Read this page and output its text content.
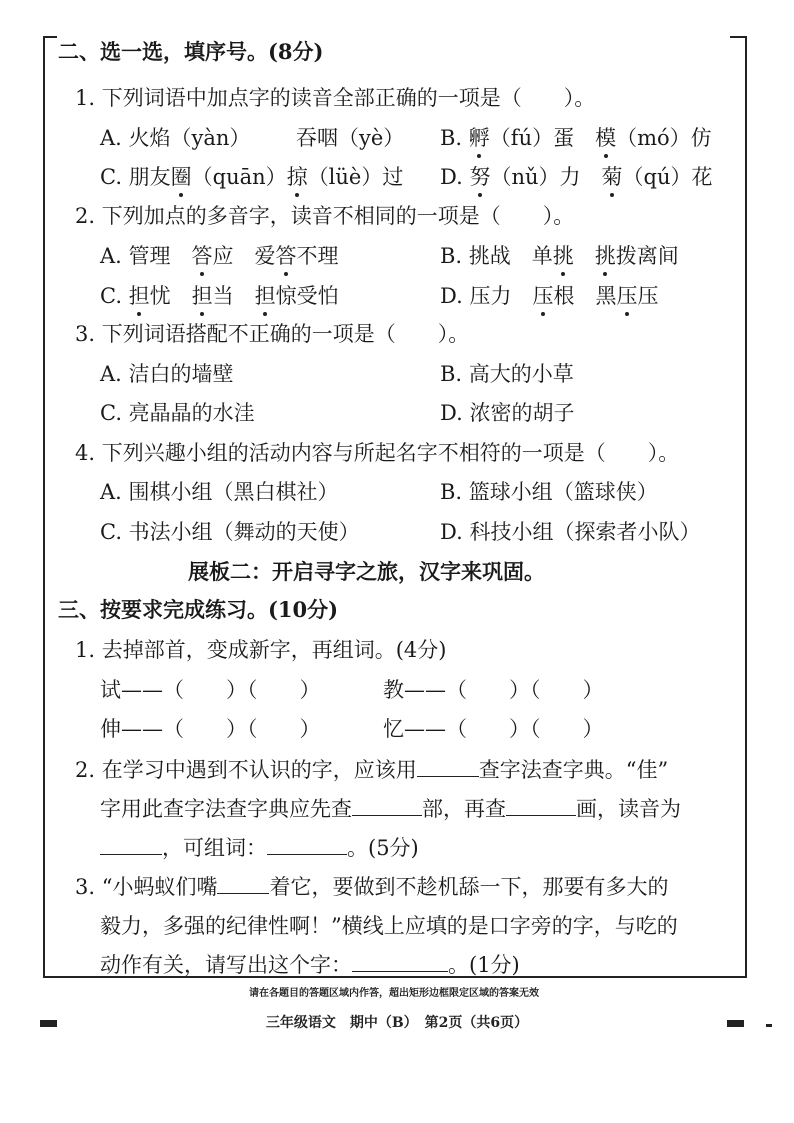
二、选一选，填序号。(8分)
1. 下列词语中加点字的读音全部正确的一项是（　　）。
A. 火焰（yàn） 吞咽（yè） B. 孵（fú）蛋　模（mó）仿
C. 朋友圈（quān）掠（lüè）过 D. 努（nǔ）力　菊（qú）花
2. 下列加点的多音字，读音不相同的一项是（　　）。
A. 管理　答应　爱答不理	B. 挑战　单挑　 挑拨离间
C. 担忧　担当　担惊受怕	D. 压力　压根　黑压压
3. 下列词语搭配不正确的一项是（　　）。
A. 洁白的墙壁	B. 高大的小草
C. 亮晶晶的水洼	D. 浓密的胡子
4. 下列兴趣小组的活动内容与所起名字不相符的一项是（　　）。
A. 围棋小组（黑白棋社）	B. 篮球小组（篮球侠）
C. 书法小组（舞动的天使）	D. 科技小组（探索者小队）
展板二：开启寻字之旅，汉字来巩固。
三、按要求完成练习。(10分)
1. 去掉部首，变成新字，再组词。(4分)
试——（　　）（　　）	教——（　　）（　　）
伸——（　　）（　　）	忆——（　　）（　　）
2. 在学习中遇到不认识的字，应该用	查字法查字典。“佳”
字用此查字法查字典应先查	部，再查	画，读音为
，可组词：	。(5分)
3. “小蚂蚁们嘴 着它，要做到不趁机舔一下，那要有多大的
毅力，多强的纪律性啊！”横线上应填的是口字旁的字，与吃的
动作有关，请写出这个字：	。(1分)
请在各题目的答题区域内作答，超出矩形边框限定区域的答案无效
三年级语文　期中（B）　第2页（共6页）
